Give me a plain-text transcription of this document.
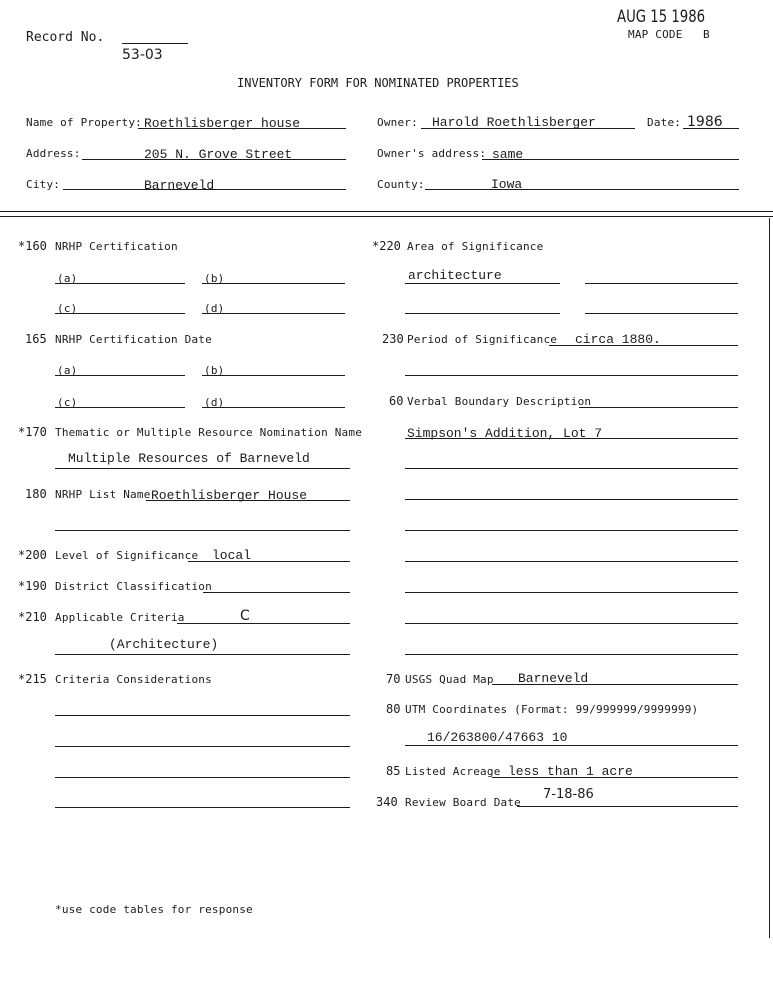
Record No.
53-03
AUG 15 1986
MAP CODE B
INVENTORY FORM FOR NOMINATED PROPERTIES
Name of Property: Roethlisberger house	Owner: Harold Roethlisberger	Date: 1986
Address:	205 N. Grove Street	Owner's address: same
City:	Barneveld	County:	Iowa
*160 NRHP Certification
(a)	(b)
(c)	(d)
165 NRHP Certification Date
(a)	(b)
(c)	(d)
*170 Thematic or Multiple Resource Nomination Name
Multiple Resources of Barneveld
180 NRHP List Name Roethlisberger House
*200 Level of Significance local
*190 District Classification
*210 Applicable Criteria	C
(Architecture)
*215 Criteria Considerations
*220 Area of Significance
architecture
230 Period of Significance circa 1880.
60 Verbal Boundary Description
Simpson's Addition, Lot 7
70 USGS Quad Map Barneveld
80 UTM Coordinates (Format: 99/999999/9999999)
16/263800/47663 10
85 Listed Acreage less than 1 acre
340 Review Board Date
7-18-86
*use code tables for response
